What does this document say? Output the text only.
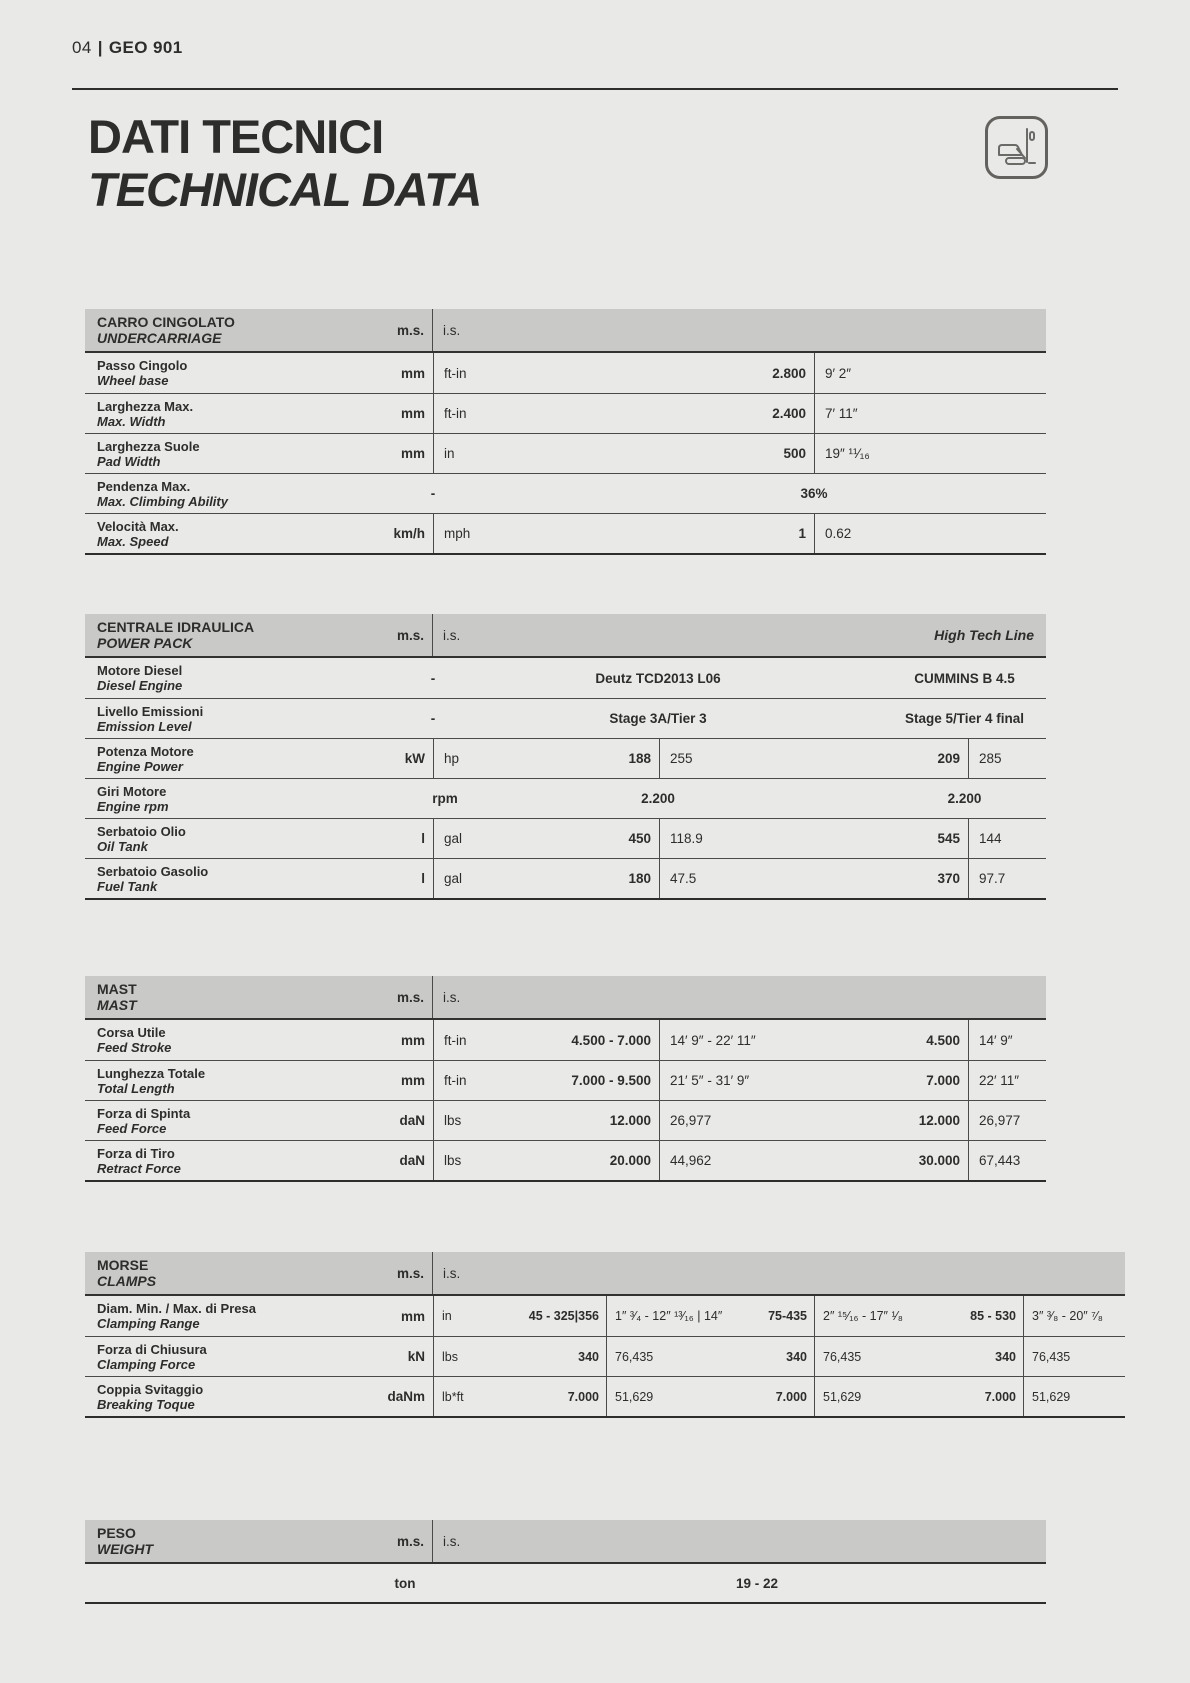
04 | GEO 901
DATI TECNICI
TECHNICAL DATA
CARRO CINGOLATO
UNDERCARRIAGE	m.s.	i.s.
Passo Cingolo
Wheel base	mm	ft-in	2.800 9′ 2″
Larghezza Max.
Max. Width	mm	ft-in	2.400 7′ 11″
Larghezza Suole
Pad Width	mm	in	500 19″ ¹¹⁄₁₆
Pendenza Max.
Max. Climbing Ability	-	36%
Velocità Max.
Max. Speed	km/h	mph	1 0.62
CENTRALE IDRAULICA
POWER PACK	m.s.	i.s.	High Tech Line
Motore Diesel
Diesel Engine	-	Deutz TCD2013 L06	CUMMINS B 4.5
Livello Emissioni
Emission Level	-	Stage 3A/Tier 3	Stage 5/Tier 4 final
Potenza Motore
Engine Power	kW	hp	188 255	209 285
Giri Motore
Engine rpm	rpm	2.200	2.200
Serbatoio Olio
Oil Tank	l	gal	450 118.9	545 144
Serbatoio Gasolio
Fuel Tank	l	gal	180 47.5	370 97.7
MAST
MAST	m.s.	i.s.
Corsa Utile
Feed Stroke	mm	ft-in	4.500 - 7.000 14′ 9″ - 22′ 11″	4.500 14′ 9″
Lunghezza Totale
Total Length	mm	ft-in	7.000 - 9.500 21′ 5″ - 31′ 9″	7.000 22′ 11″
Forza di Spinta
Feed Force	daN	lbs	12.000 26,977	12.000 26,977
Forza di Tiro
Retract Force	daN	lbs	20.000 44,962	30.000 67,443
MORSE
CLAMPS	m.s.	i.s.
Diam. Min. / Max. di Presa
Clamping Range	mm	in	45 - 325|356 1″ ³⁄₄ - 12″ ¹³⁄₁₆ | 14″	75-435 2″ ¹⁵⁄₁₆ - 17″ ¹⁄₈	85 - 530 3″ ³⁄₈ - 20″ ⁷⁄₈
Forza di Chiusura
Clamping Force	kN	lbs	340 76,435	340 76,435	340 76,435
Coppia Svitaggio
Breaking Toque	daNm	lb*ft	7.000 51,629	7.000 51,629	7.000 51,629
PESO
WEIGHT	m.s.	i.s.
ton	19 - 22
